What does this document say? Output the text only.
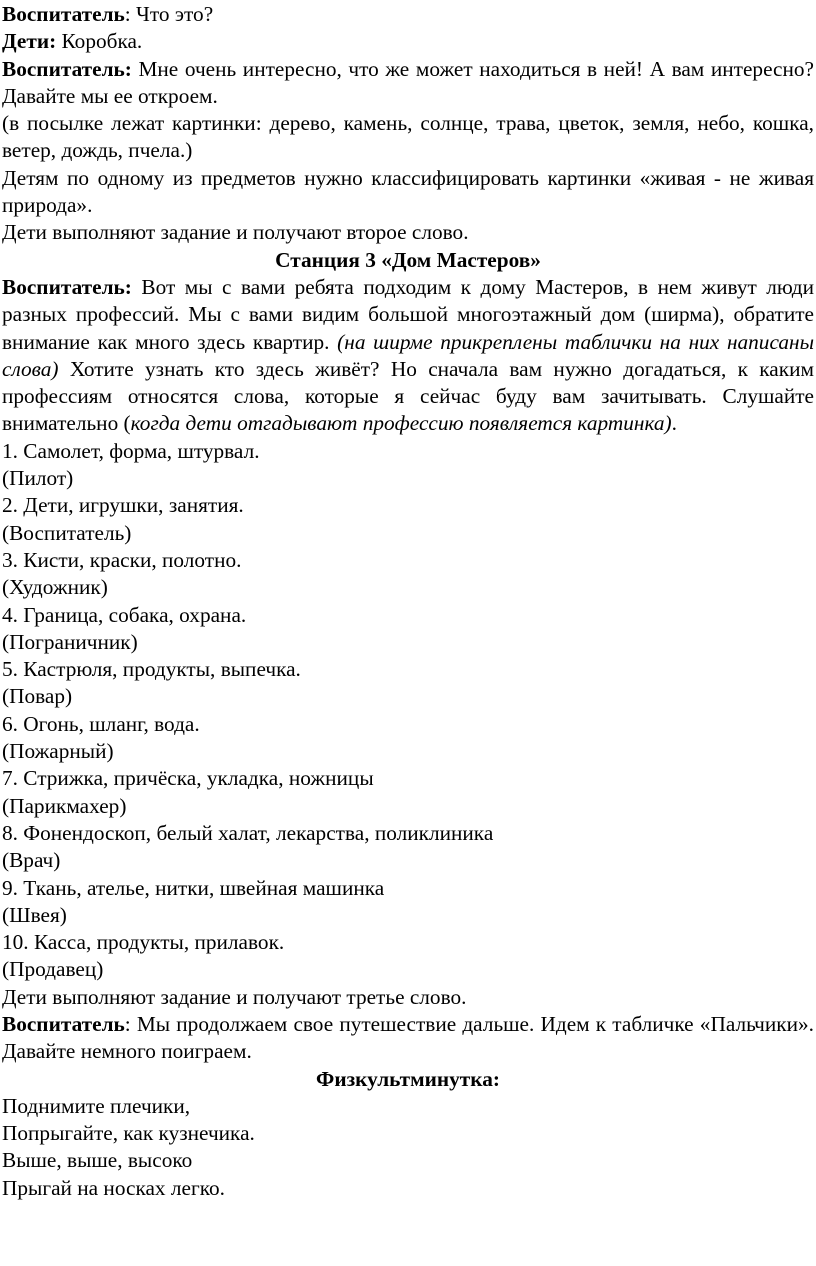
Воспитатель: Что это?

Дети: Коробка.

Воспитатель: Мне очень интересно, что же может находиться в ней! А вам интересно? Давайте мы ее откроем.

(в посылке лежат картинки: дерево, камень, солнце, трава, цветок, земля, небо, кошка, ветер, дождь, пчела.)

Детям по одному из предметов нужно классифицировать картинки «живая - не живая природа».

Дети выполняют задание и получают второе слово.

Станция 3 «Дом Мастеров»

Воспитатель: Вот мы с вами ребята подходим к дому Мастеров, в нем живут люди разных профессий. Мы с вами видим большой многоэтажный дом (ширма), обратите внимание как много здесь квартир. (на ширме прикреплены таблички на них написаны слова) Хотите узнать кто здесь живёт? Но сначала вам нужно догадаться, к каким профессиям относятся слова, которые я сейчас буду вам зачитывать. Слушайте внимательно (когда дети отгадывают профессию появляется картинка).

1. Самолет, форма, штурвал.

(Пилот)

2. Дети, игрушки, занятия.

(Воспитатель)

3. Кисти, краски, полотно.

(Художник)

4. Граница, собака, охрана.

(Пограничник)

5. Кастрюля, продукты, выпечка.

(Повар)

6. Огонь, шланг, вода.

(Пожарный)

7. Стрижка, причёска, укладка, ножницы

(Парикмахер)

8. Фонендоскоп, белый халат, лекарства, поликлиника

(Врач)

9. Ткань, ателье, нитки, швейная машинка

(Швея)

10. Касса, продукты, прилавок.

(Продавец)

Дети выполняют задание и получают третье слово.

Воспитатель: Мы продолжаем свое путешествие дальше. Идем к табличке «Пальчики». Давайте немного поиграем.

Физкультминутка:

Поднимите плечики,

Попрыгайте, как кузнечика.

Выше, выше, высоко

Прыгай на носках легко.
